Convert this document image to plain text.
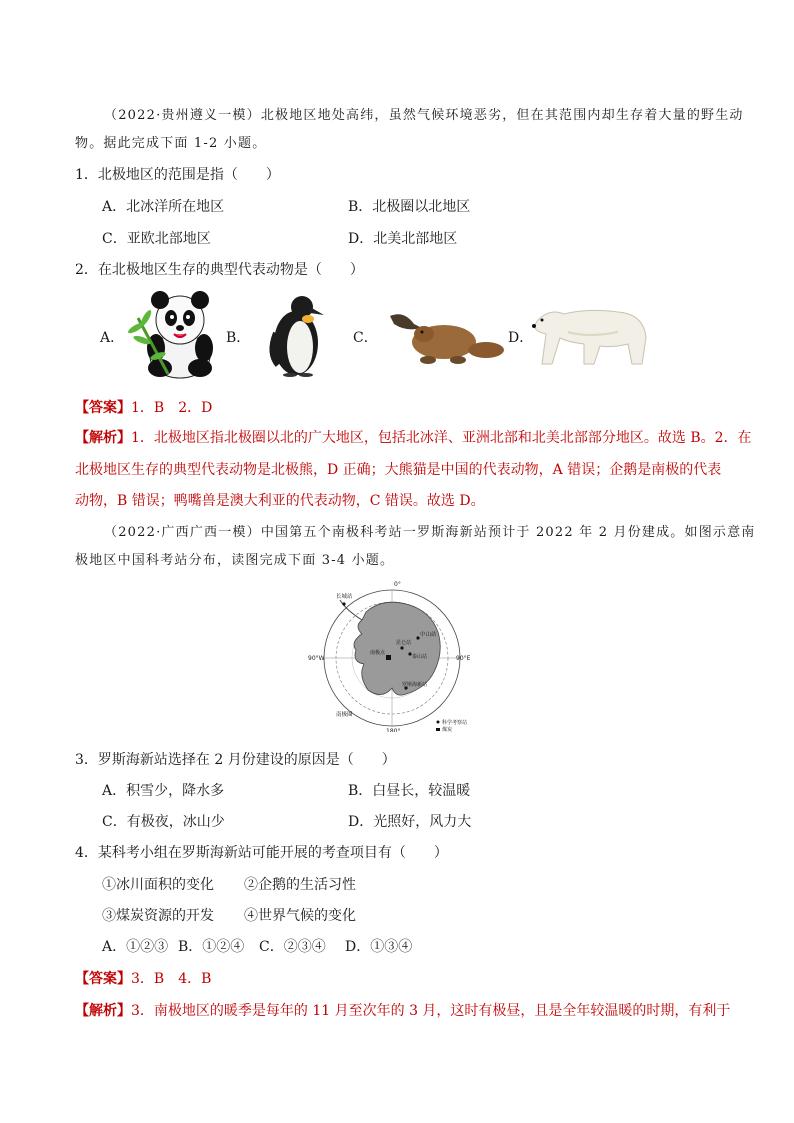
（2022·贵州遵义一模）北极地区地处高纬，虽然气候环境恶劣，但在其范围内却生存着大量的野生动
物。据此完成下面 1-2 小题。
1．北极地区的范围是指（　　）
A．北冰洋所在地区	B．北极圈以北地区
C．亚欧北部地区	D．北美北部地区
2．在北极地区生存的典型代表动物是（　　）
A．	B．	C．	D．
【答案】1．B　2．D
【解析】1．北极地区指北极圈以北的广大地区，包括北冰洋、亚洲北部和北美北部部分地区。故选 B。2．在
北极地区生存的典型代表动物是北极熊，D 正确；大熊猫是中国的代表动物，A 错误；企鹅是南极的代表
动物，B 错误；鸭嘴兽是澳大利亚的代表动物，C 错误。故选 D。
（2022·广西广西一模）中国第五个南极科考站一罗斯海新站预计于 2022 年 2 月份建成。如图示意南
极地区中国科考站分布，读图完成下面 3-4 小题。
0°
90°W	90°E
180°
长城站
中山站
昆仑站
泰山站
南极点
罗斯海新站
南极圈
科学考察站
煤炭
3．罗斯海新站选择在 2 月份建设的原因是（　　）
A．积雪少，降水多	B．白昼长，较温暖
C．有极夜，冰山少	D．光照好，风力大
4．某科考小组在罗斯海新站可能开展的考查项目有（　　）
①冰川面积的变化 ②企鹅的生活习性
③煤炭资源的开发 ④世界气候的变化
A．①②③ B．①②④ C．②③④ D．①③④
【答案】3．B　4．B
【解析】3．南极地区的暖季是每年的 11 月至次年的 3 月，这时有极昼，且是全年较温暖的时期，有利于
